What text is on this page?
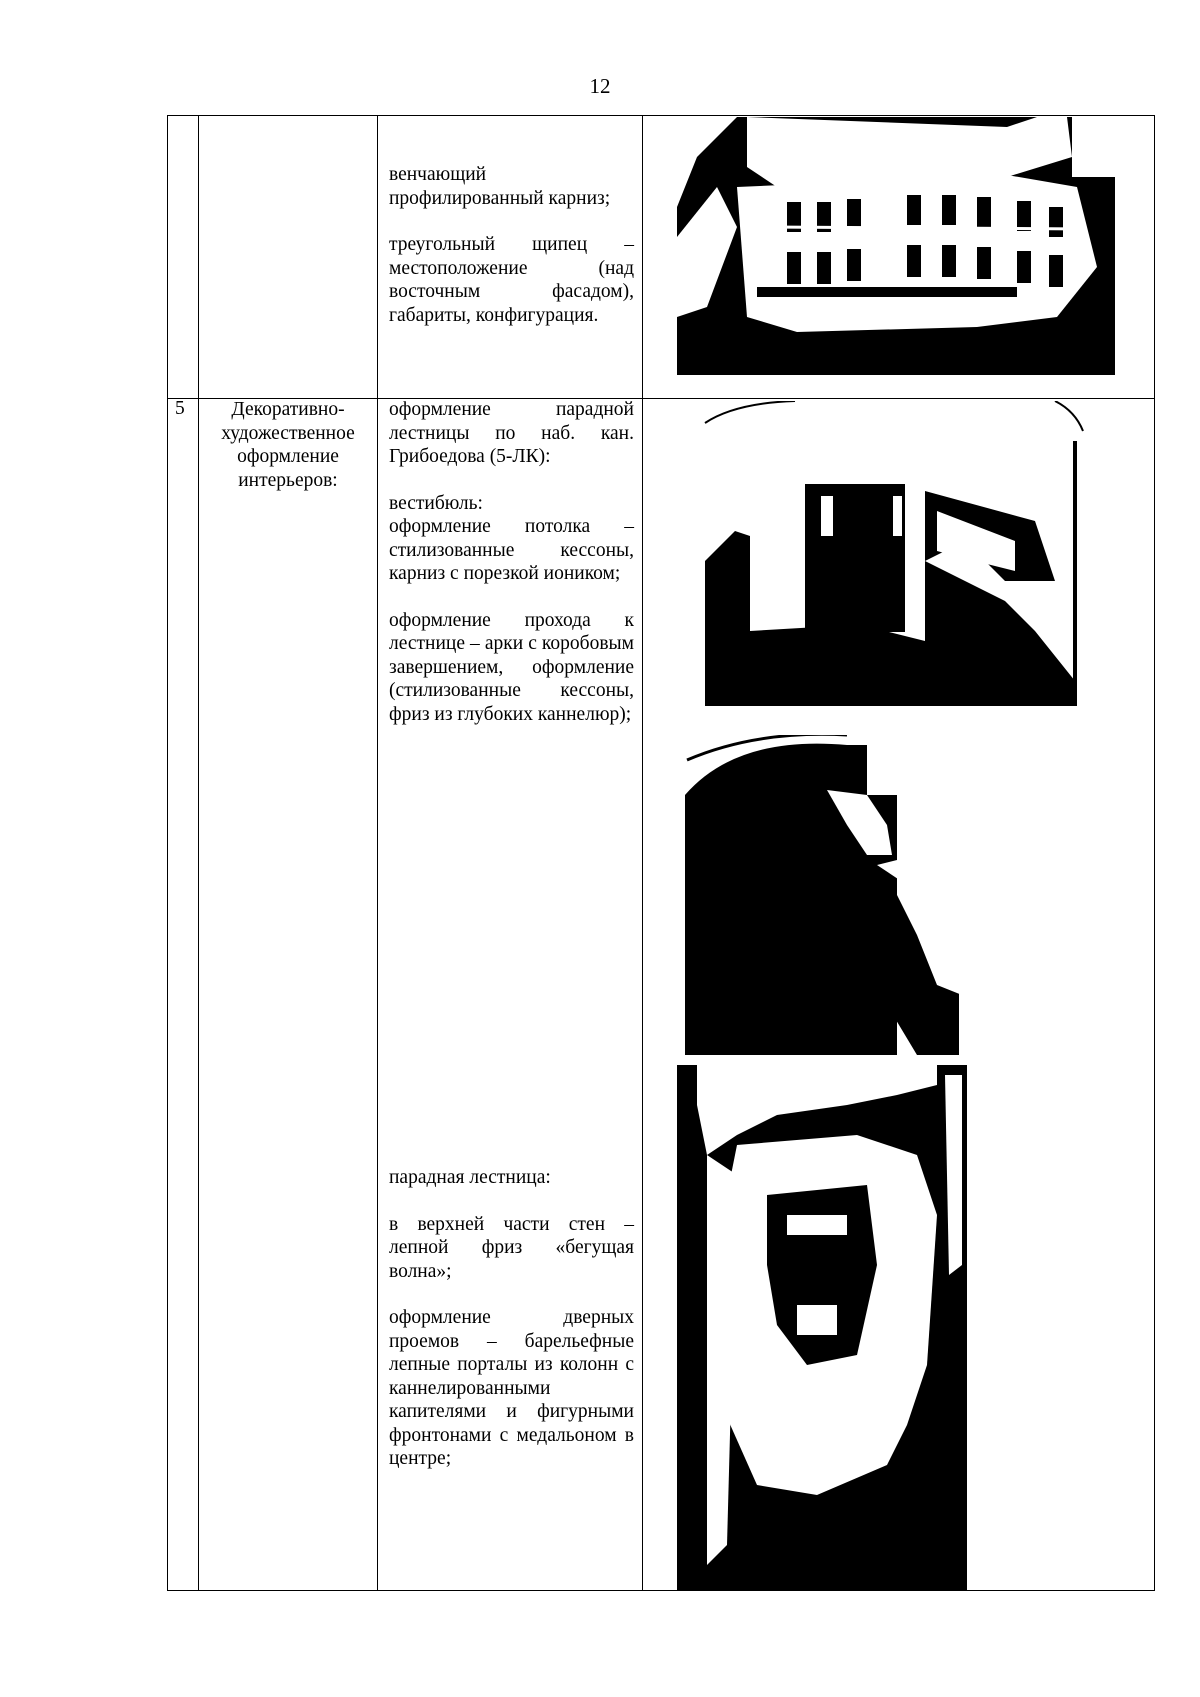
12

венчающий профилированный карниз;

треугольный щипец – местоположение (над восточным фасадом), габариты, конфигурация.

5	Декоративно-художественное оформление интерьеров:

оформление парадной лестницы по наб. кан. Грибоедова (5-ЛК):

вестибюль:

оформление потолка – стилизованные кессоны, карниз с порезкой иоником;

оформление прохода к лестнице – арки с коробовым завершением, оформление (стилизованные кессоны, фриз из глубоких каннелюр);

парадная лестница:

в верхней части стен – лепной фриз «бегущая волна»;

оформление дверных проемов – барельефные лепные порталы из колонн с каннелированными капителями и фигурными фронтонами с медальоном в центре;
